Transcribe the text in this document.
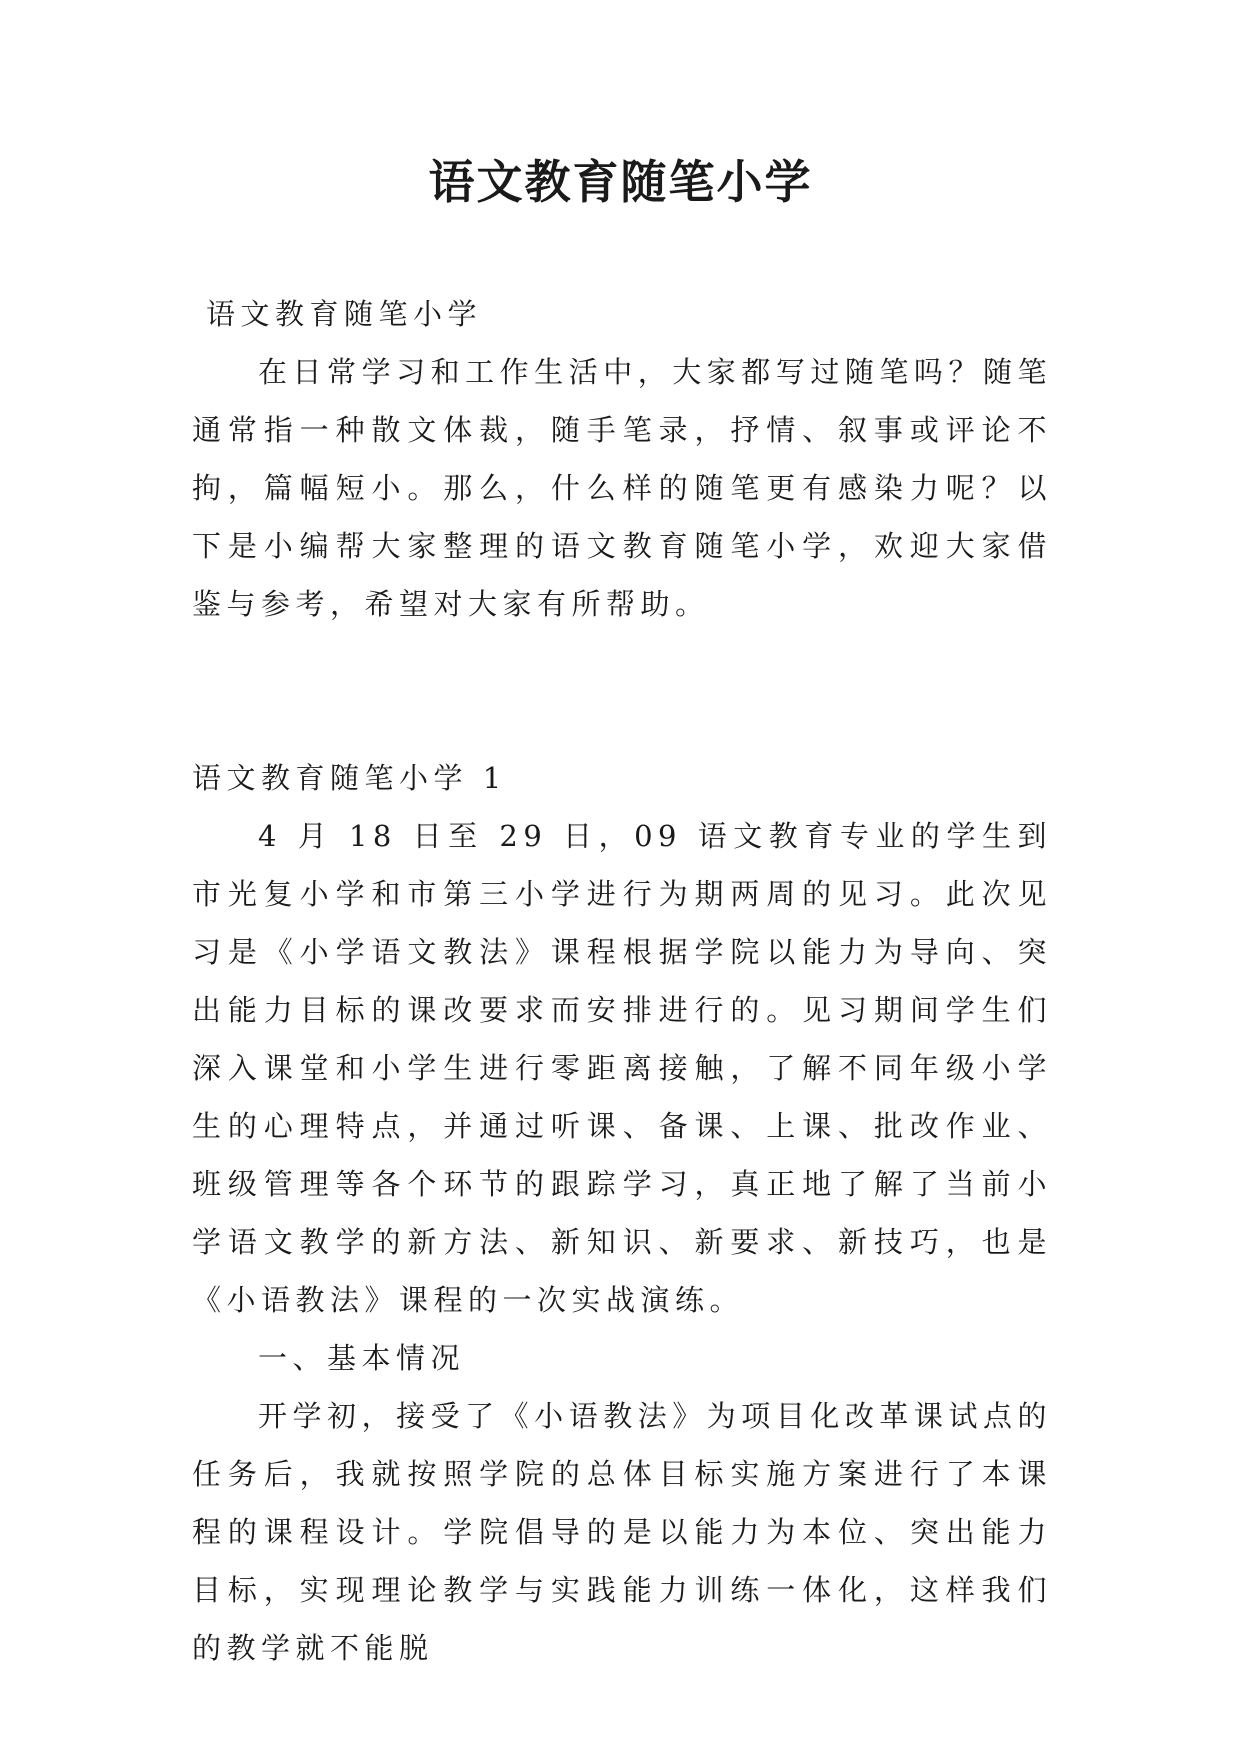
语文教育随笔小学

语文教育随笔小学

在日常学习和工作生活中，大家都写过随笔吗？随笔通常指一种散文体裁，随手笔录，抒情、叙事或评论不拘，篇幅短小。那么，什么样的随笔更有感染力呢？以下是小编帮大家整理的语文教育随笔小学，欢迎大家借鉴与参考，希望对大家有所帮助。

语文教育随笔小学 1

4 月 18 日至 29 日，09 语文教育专业的学生到市光复小学和市第三小学进行为期两周的见习。此次见习是《小学语文教法》课程根据学院以能力为导向、突出能力目标的课改要求而安排进行的。见习期间学生们深入课堂和小学生进行零距离接触，了解不同年级小学生的心理特点，并通过听课、备课、上课、批改作业、班级管理等各个环节的跟踪学习，真正地了解了当前小学语文教学的新方法、新知识、新要求、新技巧，也是《小语教法》课程的一次实战演练。

一、基本情况

开学初，接受了《小语教法》为项目化改革课试点的任务后，我就按照学院的总体目标实施方案进行了本课程的课程设计。学院倡导的是以能力为本位、突出能力目标，实现理论教学与实践能力训练一体化，这样我们的教学就不能脱
